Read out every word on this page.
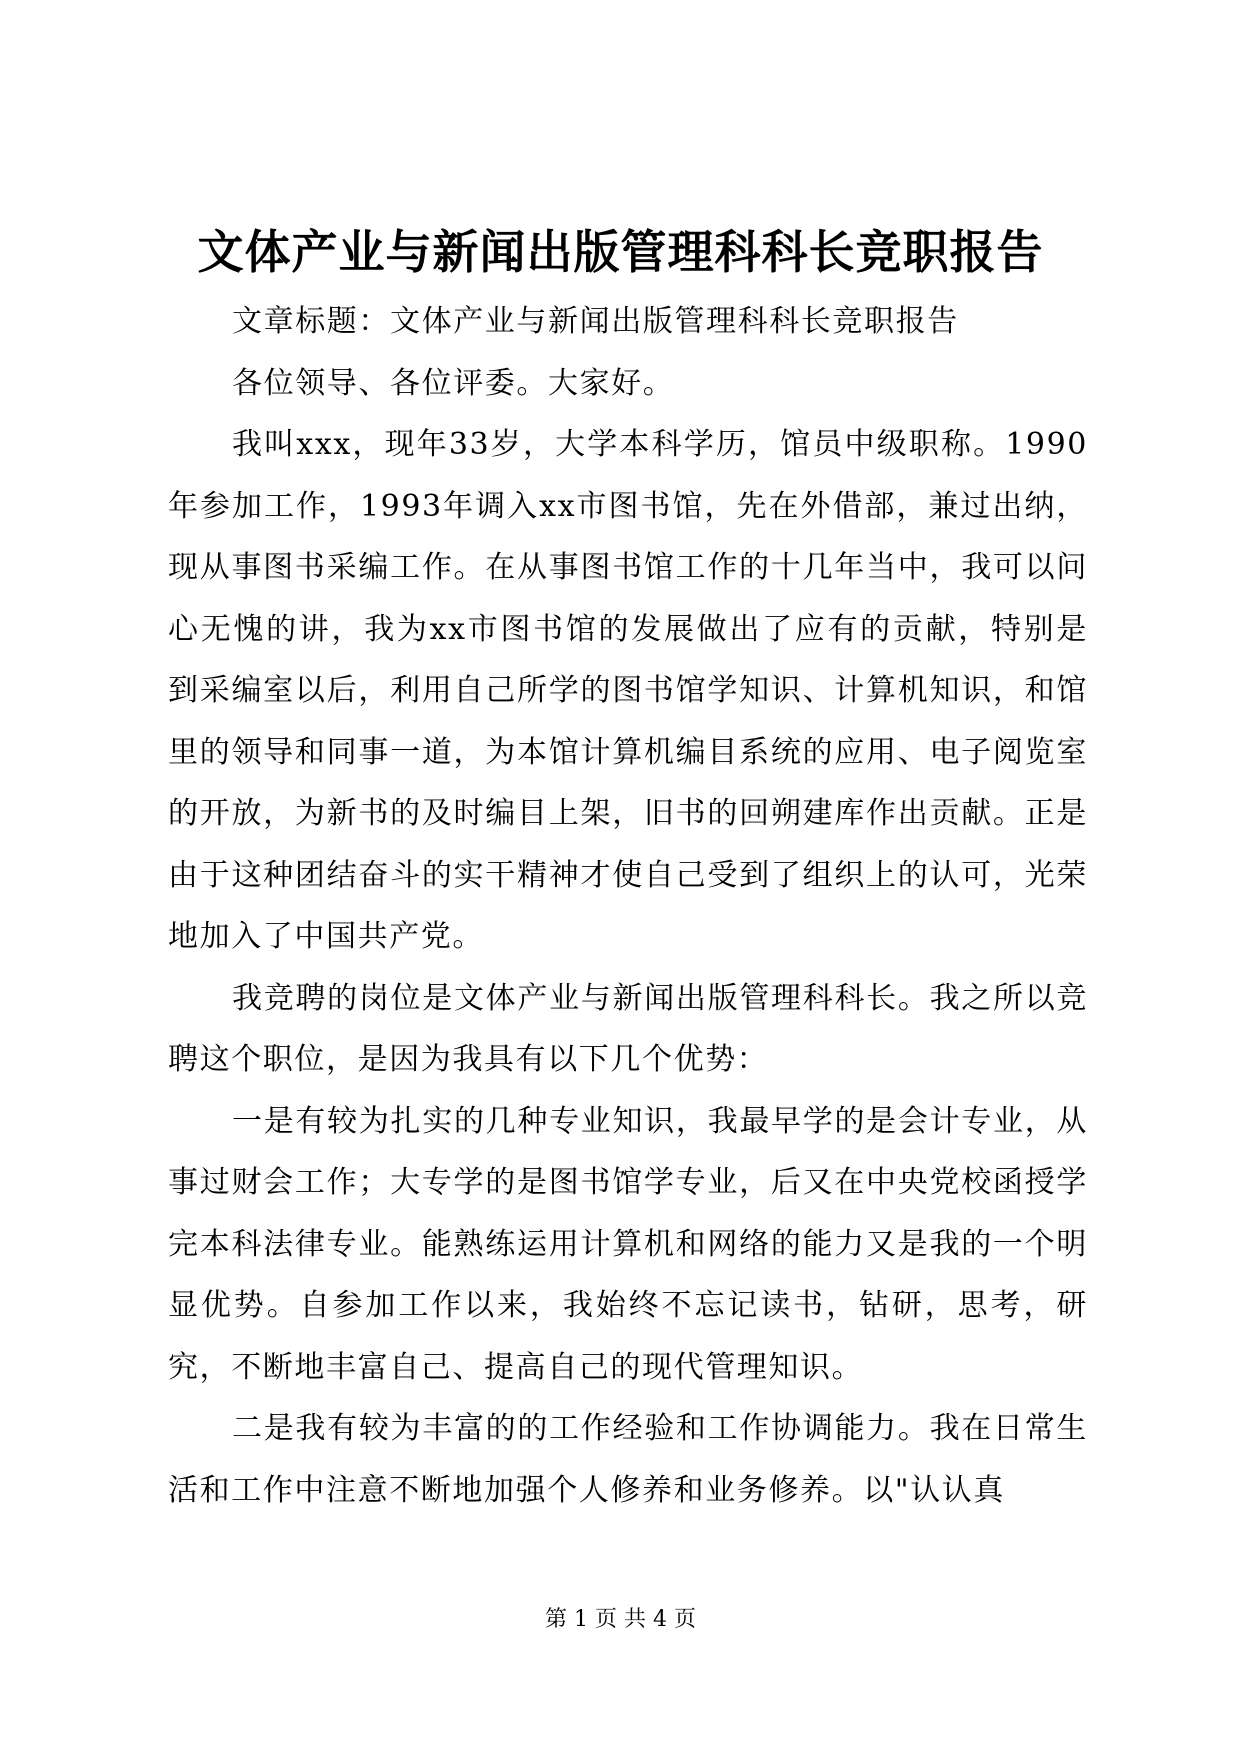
文体产业与新闻出版管理科科长竞职报告

文章标题：文体产业与新闻出版管理科科长竞职报告

各位领导、各位评委。大家好。

我叫xxx，现年33岁，大学本科学历，馆员中级职称。1990年参加工作，1993年调入xx市图书馆，先在外借部，兼过出纳，现从事图书采编工作。在从事图书馆工作的十几年当中，我可以问心无愧的讲，我为xx市图书馆的发展做出了应有的贡献，特别是到采编室以后，利用自己所学的图书馆学知识、计算机知识，和馆里的领导和同事一道，为本馆计算机编目系统的应用、电子阅览室的开放，为新书的及时编目上架，旧书的回朔建库作出贡献。正是由于这种团结奋斗的实干精神才使自己受到了组织上的认可，光荣地加入了中国共产党。

我竞聘的岗位是文体产业与新闻出版管理科科长。我之所以竞聘这个职位，是因为我具有以下几个优势：

一是有较为扎实的几种专业知识，我最早学的是会计专业，从事过财会工作；大专学的是图书馆学专业，后又在中央党校函授学完本科法律专业。能熟练运用计算机和网络的能力又是我的一个明显优势。自参加工作以来，我始终不忘记读书，钻研，思考，研究，不断地丰富自己、提高自己的现代管理知识。

二是我有较为丰富的的工作经验和工作协调能力。我在日常生活和工作中注意不断地加强个人修养和业务修养。以"认认真

第 1 页 共 4 页
